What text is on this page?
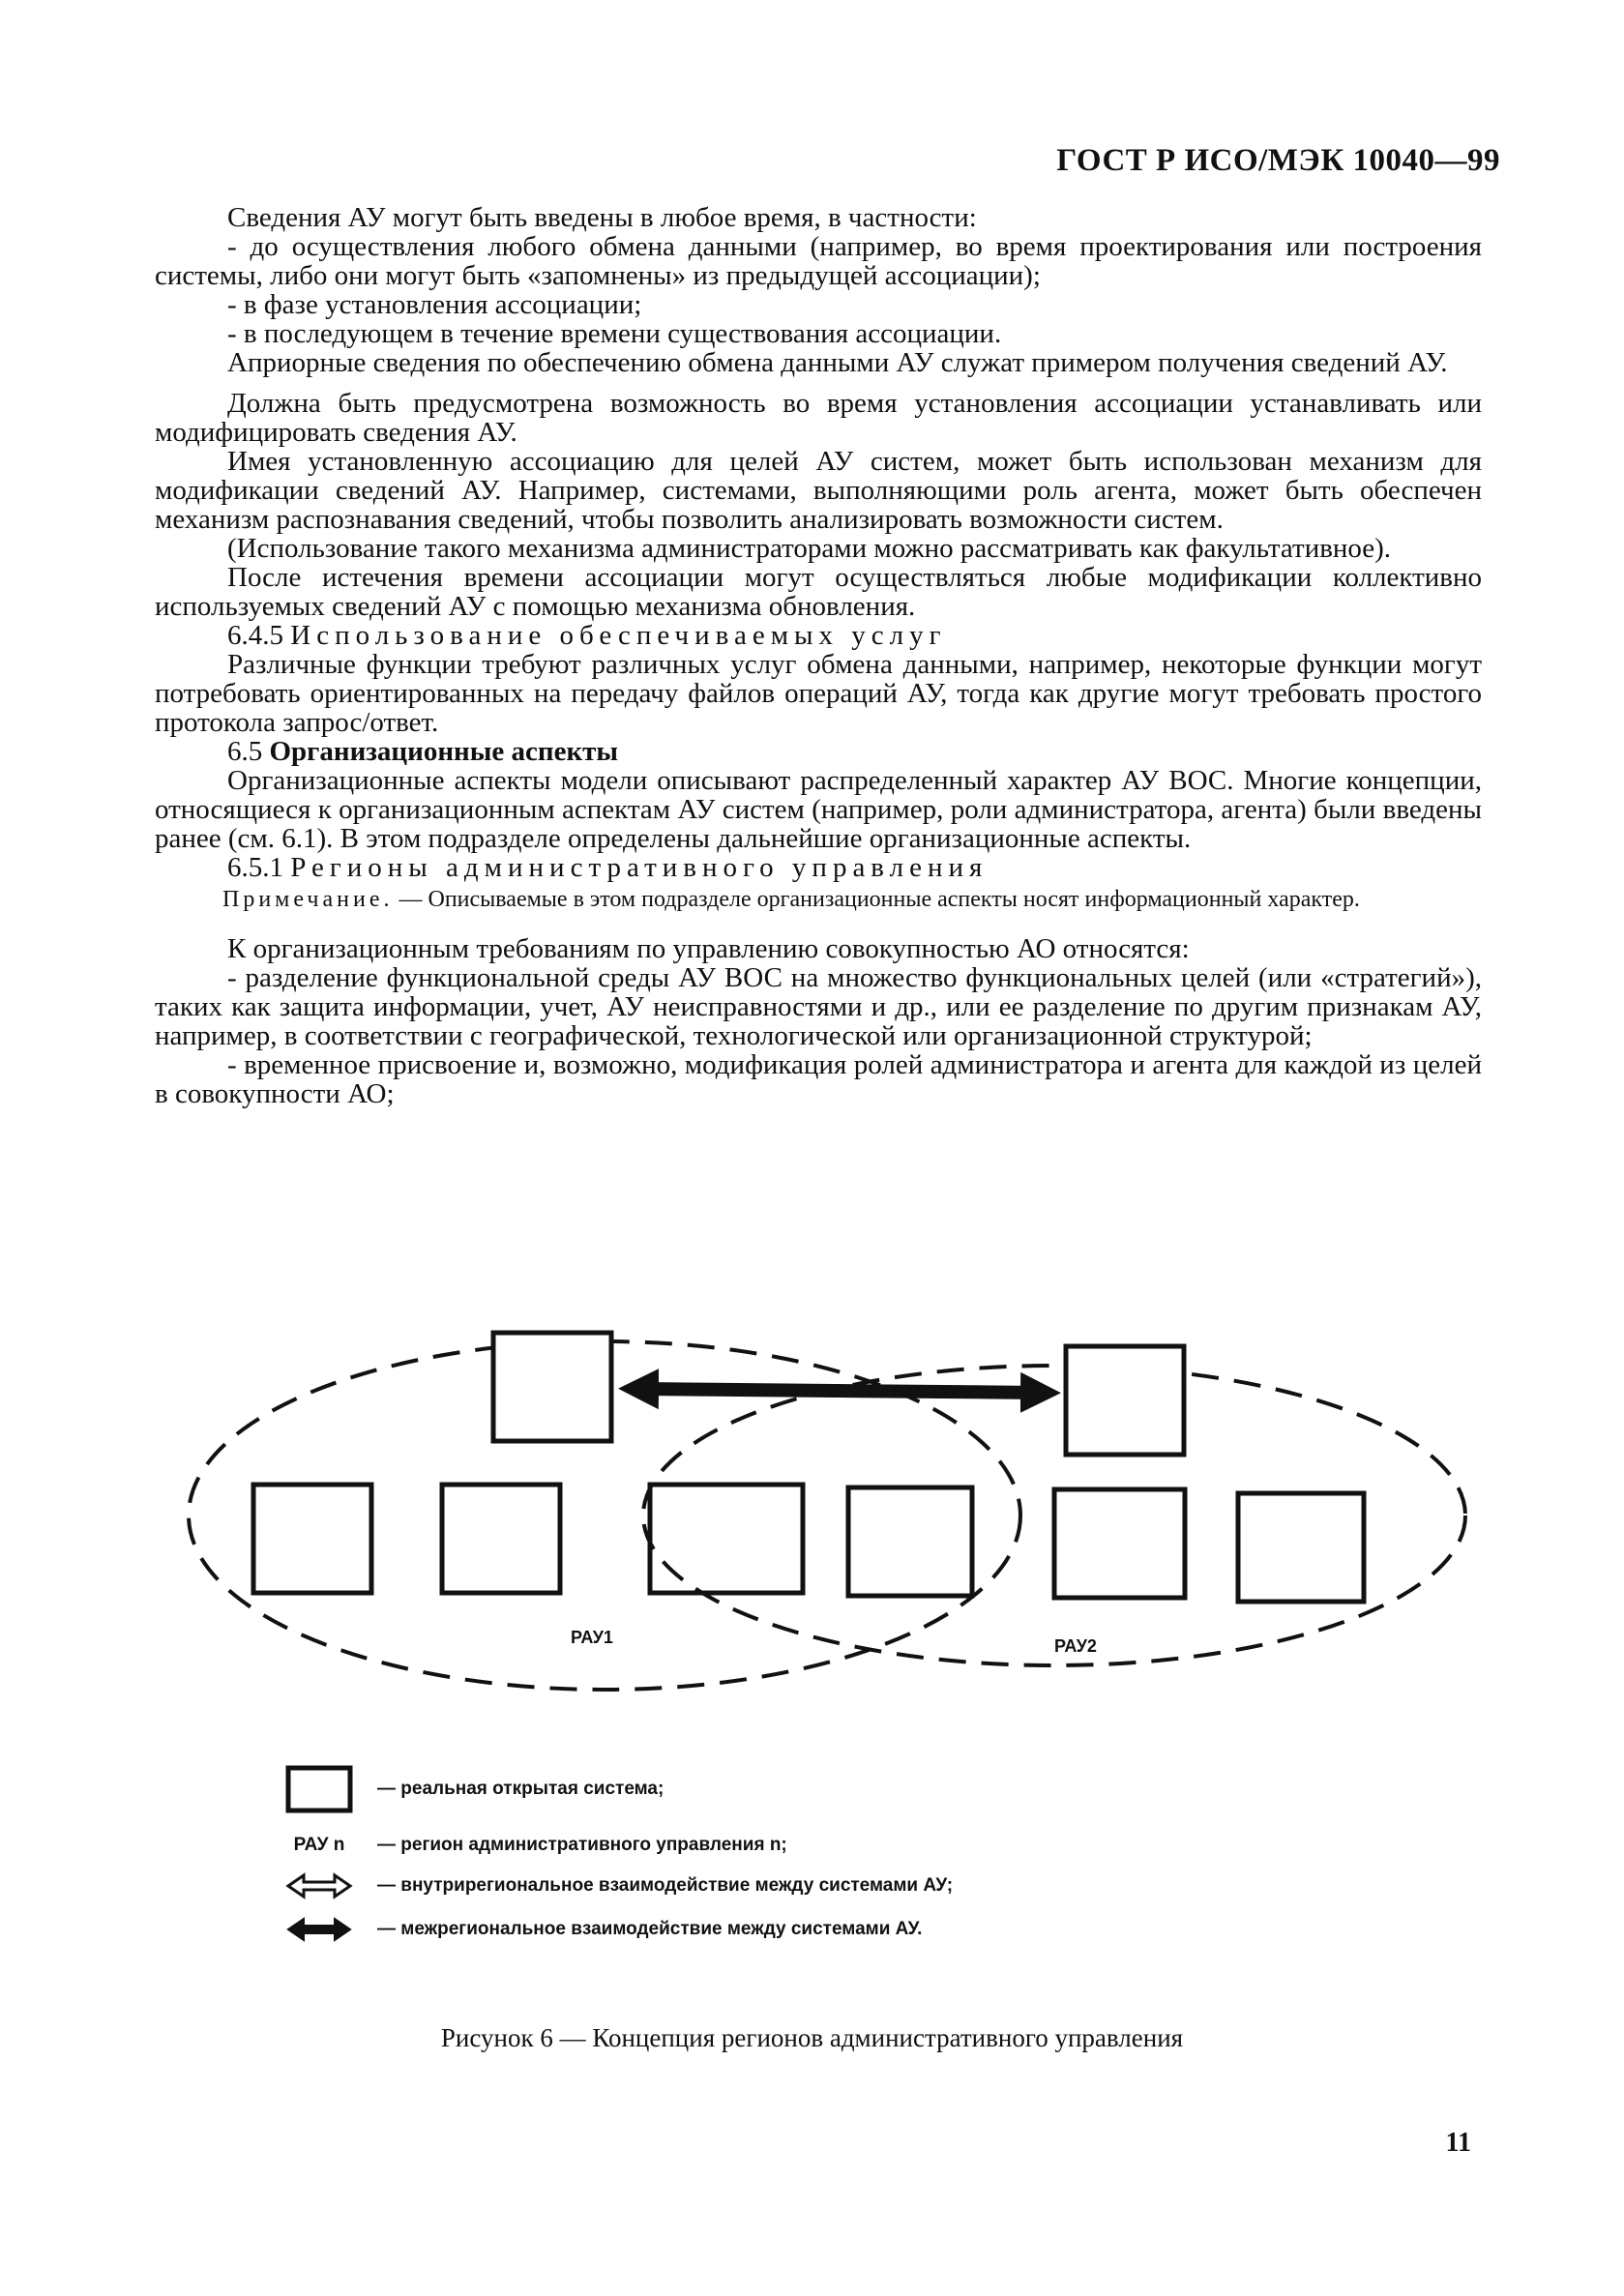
ГОСТ Р ИСО/МЭК 10040—99

Сведения АУ могут быть введены в любое время, в частности:

- до осуществления любого обмена данными (например, во время проектирования или построения системы, либо они могут быть «запомнены» из предыдущей ассоциации);

- в фазе установления ассоциации;

- в последующем в течение времени существования ассоциации.

Априорные сведения по обеспечению обмена данными АУ служат примером получения сведений АУ.

Должна быть предусмотрена возможность во время установления ассоциации устанавливать или модифицировать сведения АУ.

Имея установленную ассоциацию для целей АУ систем, может быть использован механизм для модификации сведений АУ. Например, системами, выполняющими роль агента, может быть обеспечен механизм распознавания сведений, чтобы позволить анализировать возможности систем.

(Использование такого механизма администраторами можно рассматривать как факультативное).

После истечения времени ассоциации могут осуществляться любые модификации коллективно используемых сведений АУ с помощью механизма обновления.

6.4.5 Использование обеспечиваемых услуг

Различные функции требуют различных услуг обмена данными, например, некоторые функции могут потребовать ориентированных на передачу файлов операций АУ, тогда как другие могут требовать простого протокола запрос/ответ.

6.5 Организационные аспекты

Организационные аспекты модели описывают распределенный характер АУ ВОС. Многие концепции, относящиеся к организационным аспектам АУ систем (например, роли администратора, агента) были введены ранее (см. 6.1). В этом подразделе определены дальнейшие организационные аспекты.

6.5.1 Регионы административного управления

Примечание. — Описываемые в этом подразделе организационные аспекты носят информационный характер.

К организационным требованиям по управлению совокупностью АО относятся:

- разделение функциональной среды АУ ВОС на множество функциональных целей (или «стратегий»), таких как защита информации, учет, АУ неисправностями и др., или ее разделение по другим признакам АУ, например, в соответствии с географической, технологической или организационной структурой;

- временное присвоение и, возможно, модификация ролей администратора и агента для каждой из целей в совокупности АО;

РАУ1	РАУ2
— реальная открытая система;
РАУ n — регион административного управления n;
— внутрирегиональное взаимодействие между системами АУ;
— межрегиональное взаимодействие между системами АУ.
Рисунок 6 — Концепция регионов административного управления
11
